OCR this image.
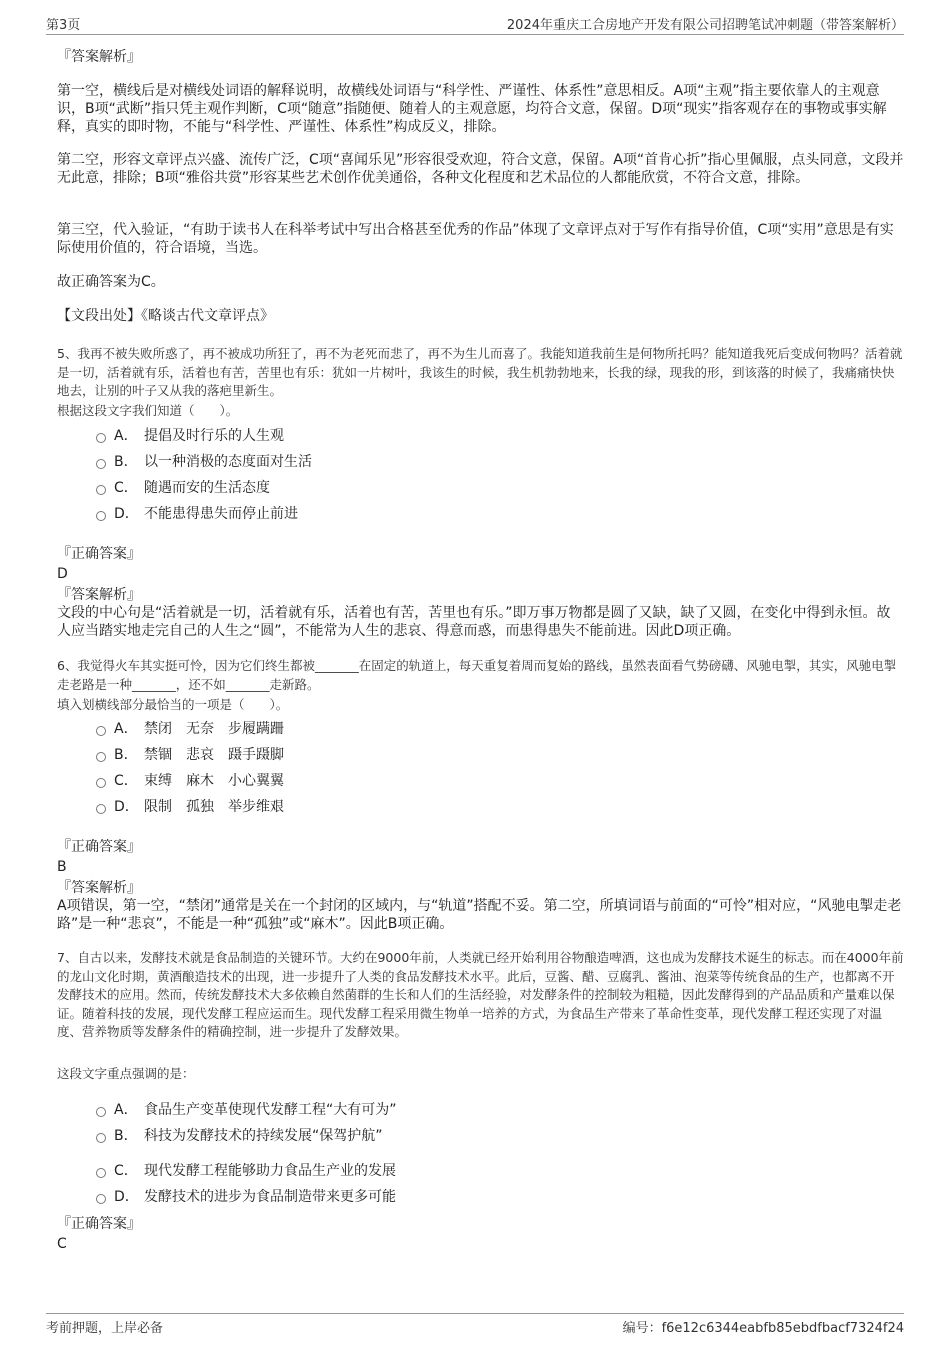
第3页	2024年重庆工合房地产开发有限公司招聘笔试冲刺题（带答案解析）
『答案解析』
第一空，横线后是对横线处词语的解释说明，故横线处词语与“科学性、严谨性、体系性”意思相反。A项“主观”指主要依靠人的主观意识，B项“武断”指只凭主观作判断，C项“随意”指随便、随着人的主观意愿，均符合文意，保留。D项“现实”指客观存在的事物或事实解释，真实的即时物，不能与“科学性、严谨性、体系性”构成反义，排除。
第二空，形容文章评点兴盛、流传广泛，C项“喜闻乐见”形容很受欢迎，符合文意，保留。A项“首肯心折”指心里佩服，点头同意，文段并无此意，排除；B项“雅俗共赏”形容某些艺术创作优美通俗，各种文化程度和艺术品位的人都能欣赏，不符合文意，排除。
第三空，代入验证，“有助于读书人在科举考试中写出合格甚至优秀的作品”体现了文章评点对于写作有指导价值，C项“实用”意思是有实际使用价值的，符合语境，当选。
故正确答案为C。
【文段出处】《略谈古代文章评点》
5、我再不被失败所惑了，再不被成功所狂了，再不为老死而悲了，再不为生儿而喜了。我能知道我前生是何物所托吗？能知道我死后变成何物吗？活着就是一切，活着就有乐，活着也有苦，苦里也有乐：犹如一片树叶，我该生的时候，我生机勃勃地来，长我的绿，现我的形，到该落的时候了，我痛痛快快地去，让别的叶子又从我的落疤里新生。
根据这段文字我们知道（　　）。
A． 提倡及时行乐的人生观
B． 以一种消极的态度面对生活
C． 随遇而安的生活态度
D． 不能患得患失而停止前进
『正确答案』
D
『答案解析』
文段的中心句是“活着就是一切，活着就有乐，活着也有苦，苦里也有乐。”即万事万物都是圆了又缺，缺了又圆，在变化中得到永恒。故人应当踏实地走完自己的人生之“圆”，不能常为人生的悲哀、得意而惑，而患得患失不能前进。因此D项正确。
6、我觉得火车其实挺可怜，因为它们终生都被_______在固定的轨道上，每天重复着周而复始的路线，虽然表面看气势磅礴、风驰电掣，其实，风驰电掣走老路是一种_______，还不如_______走新路。
填入划横线部分最恰当的一项是（　　）。
A． 禁闭 无奈 步履蹒跚
B． 禁锢 悲哀 蹑手蹑脚
C． 束缚 麻木 小心翼翼
D． 限制 孤独 举步维艰
『正确答案』
B
『答案解析』
A项错误，第一空，“禁闭”通常是关在一个封闭的区域内，与“轨道”搭配不妥。第二空，所填词语与前面的“可怜”相对应，“风驰电掣走老路”是一种“悲哀”，不能是一种“孤独”或“麻木”。因此B项正确。
7、自古以来，发酵技术就是食品制造的关键环节。大约在9000年前，人类就已经开始利用谷物酿造啤酒，这也成为发酵技术诞生的标志。而在4000年前的龙山文化时期，黄酒酿造技术的出现，进一步提升了人类的食品发酵技术水平。此后，豆酱、醋、豆腐乳、酱油、泡菜等传统食品的生产，也都离不开发酵技术的应用。然而，传统发酵技术大多依赖自然菌群的生长和人们的生活经验，对发酵条件的控制较为粗糙，因此发酵得到的产品品质和产量难以保证。随着科技的发展，现代发酵工程应运而生。现代发酵工程采用微生物单一培养的方式，为食品生产带来了革命性变革，现代发酵工程还实现了对温度、营养物质等发酵条件的精确控制，进一步提升了发酵效果。
这段文字重点强调的是：
A． 食品生产变革使现代发酵工程“大有可为”
B． 科技为发酵技术的持续发展“保驾护航”
C． 现代发酵工程能够助力食品生产业的发展
D． 发酵技术的进步为食品制造带来更多可能
『正确答案』
C
考前押题，上岸必备	编号：f6e12c6344eabfb85ebdfbacf7324f24
